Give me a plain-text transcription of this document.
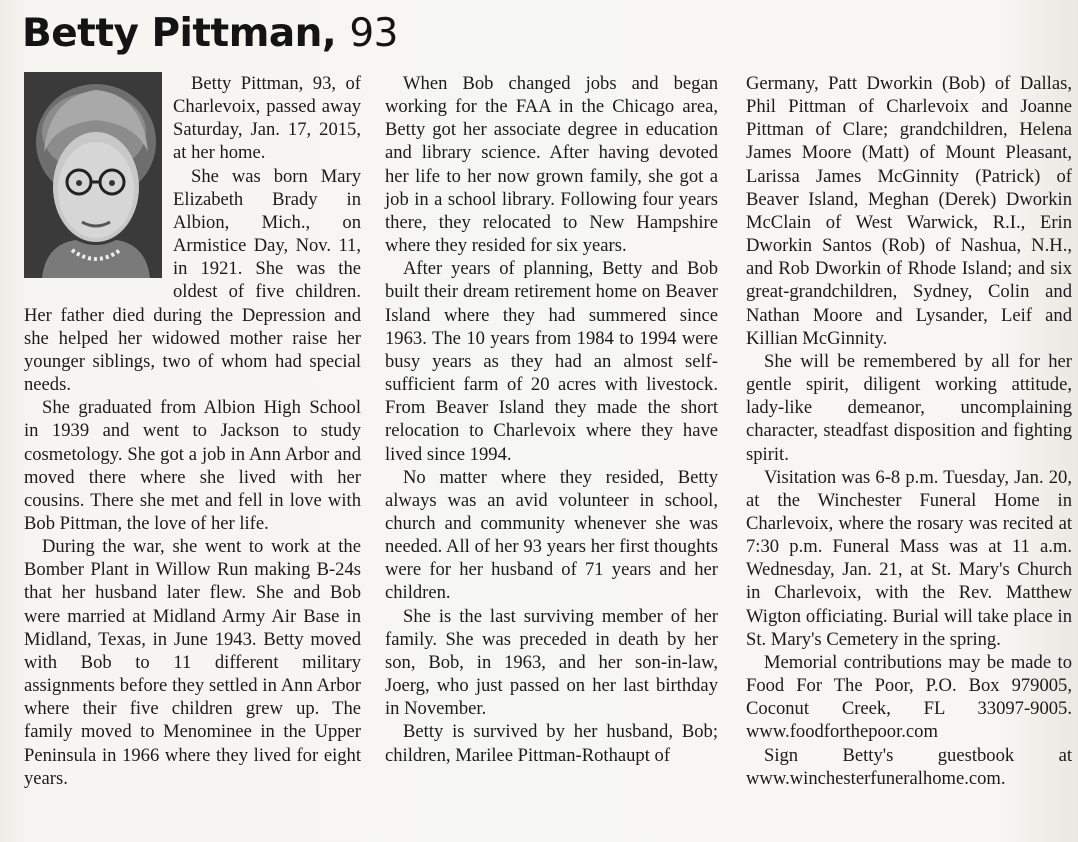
Betty Pittman, 93

Betty Pittman, 93, of Charlevoix, passed away Saturday, Jan. 17, 2015, at her home.

She was born Mary Elizabeth Brady in Albion, Mich., on Armistice Day, Nov. 11, in 1921. She was the oldest of five children. Her father died during the Depression and she helped her widowed mother raise her younger siblings, two of whom had special needs.

She graduated from Albion High School in 1939 and went to Jackson to study cosmetology. She got a job in Ann Arbor and moved there where she lived with her cousins. There she met and fell in love with Bob Pittman, the love of her life.

During the war, she went to work at the Bomber Plant in Willow Run making B-24s that her husband later flew. She and Bob were married at Midland Army Air Base in Midland, Texas, in June 1943. Betty moved with Bob to 11 different military assignments before they settled in Ann Arbor where their five children grew up. The family moved to Menominee in the Upper Peninsula in 1966 where they lived for eight years.

When Bob changed jobs and began working for the FAA in the Chicago area, Betty got her associate degree in education and library science. After having devoted her life to her now grown family, she got a job in a school library. Following four years there, they relocated to New Hampshire where they resided for six years.

After years of planning, Betty and Bob built their dream retirement home on Beaver Island where they had summered since 1963. The 10 years from 1984 to 1994 were busy years as they had an almost self-sufficient farm of 20 acres with livestock. From Beaver Island they made the short relocation to Charlevoix where they have lived since 1994.

No matter where they resided, Betty always was an avid volunteer in school, church and community whenever she was needed. All of her 93 years her first thoughts were for her husband of 71 years and her children.

She is the last surviving member of her family. She was preceded in death by her son, Bob, in 1963, and her son-in-law, Joerg, who just passed on her last birthday in November.

Betty is survived by her husband, Bob; children, Marilee Pittman-Rothaupt of

Germany, Patt Dworkin (Bob) of Dallas, Phil Pittman of Charlevoix and Joanne Pittman of Clare; grandchildren, Helena James Moore (Matt) of Mount Pleasant, Larissa James McGinnity (Patrick) of Beaver Island, Meghan (Derek) Dworkin McClain of West Warwick, R.I., Erin Dworkin Santos (Rob) of Nashua, N.H., and Rob Dworkin of Rhode Island; and six great-grandchildren, Sydney, Colin and Nathan Moore and Lysander, Leif and Killian McGinnity.

She will be remembered by all for her gentle spirit, diligent working attitude, lady-like demeanor, uncomplaining character, steadfast disposition and fighting spirit.

Visitation was 6-8 p.m. Tuesday, Jan. 20, at the Winchester Funeral Home in Charlevoix, where the rosary was recited at 7:30 p.m. Funeral Mass was at 11 a.m. Wednesday, Jan. 21, at St. Mary's Church in Charlevoix, with the Rev. Matthew Wigton officiating. Burial will take place in St. Mary's Cemetery in the spring.

Memorial contributions may be made to Food For The Poor, P.O. Box 979005, Coconut Creek, FL 33097-9005. www.foodforthepoor.com

Sign Betty's guestbook at www.winchesterfuneralhome.com.
